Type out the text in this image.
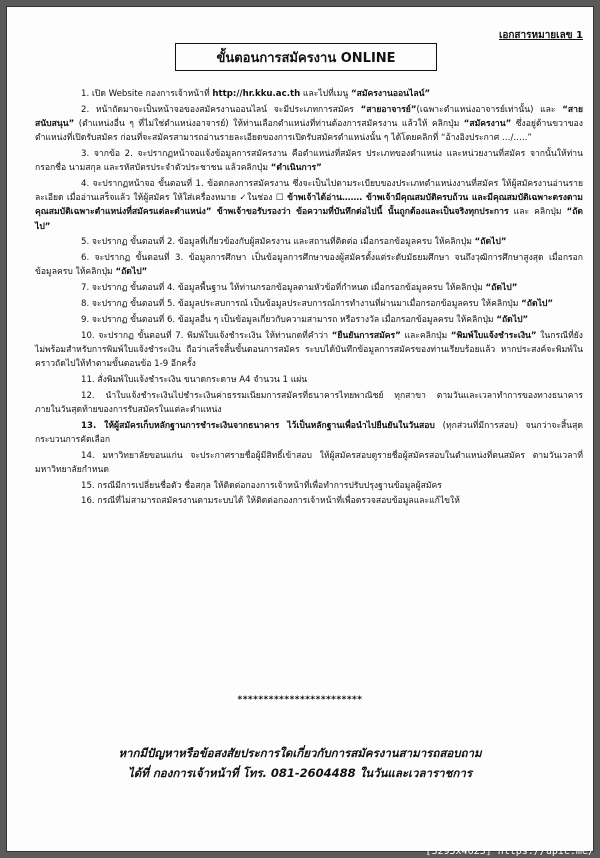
เอกสารหมายเลข 1
ขั้นตอนการสมัครงาน ONLINE
1. เปิด Website กองการเจ้าหน้าที่ http://hr.kku.ac.th และไปที่เมนู “สมัครงานออนไลน์”
2. หน้าถัดมาจะเป็นหน้าจอของสมัครงานออนไลน์ จะมีประเภทการสมัคร “สายอาจารย์”(เฉพาะตำแหน่งอาจารย์เท่านั้น) และ “สายสนับสนุน” (ตำแหน่งอื่น ๆ ที่ไม่ใช่ตำแหน่งอาจารย์) ให้ท่านเลือกตำแหน่งที่ท่านต้องการสมัครงาน แล้วให้ คลิกปุ่ม “สมัครงาน” ซึ่งอยู่ด้านขวาของตำแหน่งที่เปิดรับสมัคร ก่อนที่จะสมัครสามารถอ่านรายละเอียดของการเปิดรับสมัครตำแหน่งนั้น ๆ ได้โดยคลิกที่ “อ้างอิงประกาศ …/…..”
3. จากข้อ 2. จะปรากฏหน้าจอแจ้งข้อมูลการสมัครงาน คือตำแหน่งที่สมัคร ประเภทของตำแหน่ง และหน่วยงานที่สมัคร จากนั้นให้ท่าน กรอกชื่อ นามสกุล และรหัสบัตรประจำตัวประชาชน แล้วคลิกปุ่ม “ดำเนินการ”
4. จะปรากฏหน้าจอ ขั้นตอนที่ 1. ข้อตกลงการสมัครงาน ซึ่งจะเป็นไปตามระเบียบของประเภทตำแหน่งงานที่สมัคร ให้ผู้สมัครงานอ่านรายละเอียด เมื่ออ่านเสร็จแล้ว ให้ผู้สมัคร ให้ใส่เครื่องหมาย ✓ในช่อง ☐ ข้าพเจ้าได้อ่าน……. ข้าพเจ้ามีคุณสมบัติครบถ้วน และมีคุณสมบัติเฉพาะตรงตามคุณสมบัติเฉพาะตำแหน่งที่สมัครแต่ละตำแหน่ง” ข้าพเจ้าขอรับรองว่า ข้อความที่บันทึกต่อไปนี้ นั้นถูกต้องและเป็นจริงทุกประการ และ คลิกปุ่ม “ถัดไป”
5. จะปรากฏ ขั้นตอนที่ 2. ข้อมูลที่เกี่ยวข้องกับผู้สมัครงาน และสถานที่ติดต่อ เมื่อกรอกข้อมูลครบ ให้คลิกปุ่ม “ถัดไป”
6. จะปรากฏ ขั้นตอนที่ 3. ข้อมูลการศึกษา เป็นข้อมูลการศึกษาของผู้สมัครตั้งแต่ระดับมัธยมศึกษา จนถึงวุฒิการศึกษาสูงสุด เมื่อกรอกข้อมูลครบ ให้คลิกปุ่ม “ถัดไป”
7. จะปรากฏ ขั้นตอนที่ 4. ข้อมูลพื้นฐาน ให้ท่านกรอกข้อมูลตามหัวข้อที่กำหนด เมื่อกรอกข้อมูลครบ ให้คลิกปุ่ม “ถัดไป”
8. จะปรากฏ ขั้นตอนที่ 5. ข้อมูลประสบการณ์ เป็นข้อมูลประสบการณ์การทำงานที่ผ่านมาเมื่อกรอกข้อมูลครบ ให้คลิกปุ่ม “ถัดไป”
9. จะปรากฏ ขั้นตอนที่ 6. ข้อมูลอื่น ๆ เป็นข้อมูลเกี่ยวกับความสามารถ หรือรางวัล เมื่อกรอกข้อมูลครบ ให้คลิกปุ่ม “ถัดไป”
10. จะปรากฏ ขั้นตอนที่ 7. พิมพ์ใบแจ้งชำระเงิน ให้ท่านกดที่คำว่า “ยืนยันการสมัคร” และคลิกปุ่ม “พิมพ์ใบแจ้งชำระเงิน” ในกรณีที่ยังไม่พร้อมสำหรับการพิมพ์ใบแจ้งชำระเงิน ถือว่าเสร็จสิ้นขั้นตอนการสมัคร ระบบได้บันทึกข้อมูลการสมัครของท่านเรียบร้อยแล้ว หากประสงค์จะพิมพ์ในคราวถัดไปให้ทำตามขั้นตอนข้อ 1-9 อีกครั้ง
11. สั่งพิมพ์ใบแจ้งชำระเงิน ขนาดกระดาษ A4 จำนวน 1 แผ่น
12. นำใบแจ้งชำระเงินไปชำระเงินค่าธรรมเนียมการสมัครที่ธนาคารไทยพาณิชย์ ทุกสาขา ตามวันและเวลาทำการของทางธนาคาร ภายในวันสุดท้ายของการรับสมัครในแต่ละตำแหน่ง
13. ให้ผู้สมัครเก็บหลักฐานการชำระเงินจากธนาคาร ไว้เป็นหลักฐานเพื่อนำไปยืนยันในวันสอบ (ทุกส่วนที่มีการสอบ) จนกว่าจะสิ้นสุดกระบวนการคัดเลือก
14. มหาวิทยาลัยขอนแก่น จะประกาศรายชื่อผู้มีสิทธิ์เข้าสอบ ให้ผู้สมัครสอบดูรายชื่อผู้สมัครสอบในตำแหน่งที่ตนสมัคร ตามวันเวลาที่มหาวิทยาลัยกำหนด
15. กรณีมีการเปลี่ยนชื่อตัว ชื่อสกุล ให้ติดต่อกองการเจ้าหน้าที่เพื่อทำการปรับปรุงฐานข้อมูลผู้สมัคร
16. กรณีที่ไม่สามารถสมัครงานตามระบบได้ ให้ติดต่อกองการเจ้าหน้าที่เพื่อตรวจสอบข้อมูลและแก้ไขให้
************************
หากมีปัญหาหรือข้อสงสัยประการใดเกี่ยวกับการสมัครงานสามารถสอบถาม
ได้ที่ กองการเจ้าหน้าที่ โทร. 081-2604488 ในวันและเวลาราชการ
[3295x4623] https://upic.me/
